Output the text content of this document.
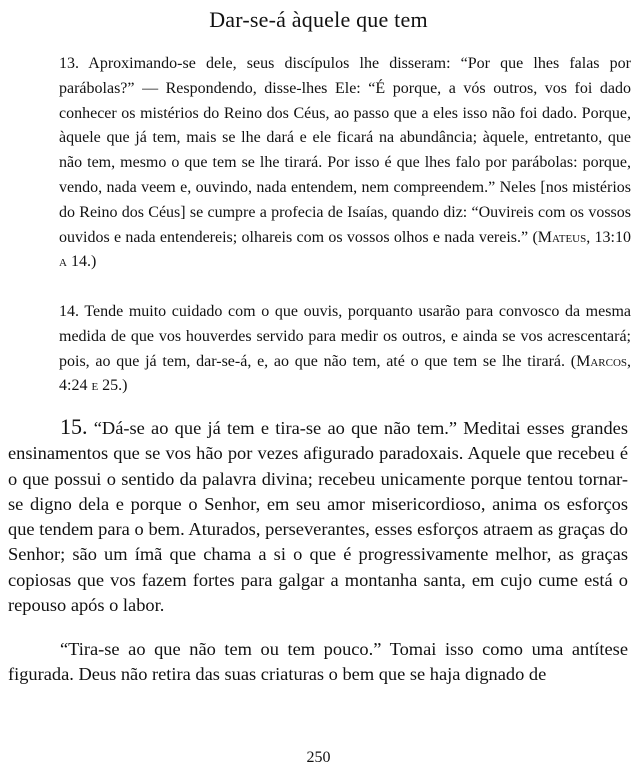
Dar-se-á àquele que tem
13. Aproximando-se dele, seus discípulos lhe disseram: “Por que lhes falas por parábolas?” — Respondendo, disse-lhes Ele: “É porque, a vós outros, vos foi dado conhecer os mistérios do Reino dos Céus, ao passo que a eles isso não foi dado. Porque, àquele que já tem, mais se lhe dará e ele ficará na abundância; àquele, entretanto, que não tem, mesmo o que tem se lhe tirará. Por isso é que lhes falo por parábolas: porque, vendo, nada veem e, ouvindo, nada entendem, nem compreendem.” Neles [nos mistérios do Reino dos Céus] se cumpre a profecia de Isaías, quando diz: “Ouvireis com os vossos ouvidos e nada entendereis; olhareis com os vossos olhos e nada vereis.” (Mateus, 13:10 a 14.)
14. Tende muito cuidado com o que ouvis, porquanto usarão para convosco da mesma medida de que vos houverdes servido para medir os outros, e ainda se vos acrescentará; pois, ao que já tem, dar-se-á, e, ao que não tem, até o que tem se lhe tirará. (Marcos, 4:24 e 25.)
15. “Dá-se ao que já tem e tira-se ao que não tem.” Meditai esses grandes ensinamentos que se vos hão por vezes afigurado paradoxais. Aquele que recebeu é o que possui o sentido da palavra divina; recebeu unicamente porque tentou tornar-se digno dela e porque o Senhor, em seu amor misericordioso, anima os esforços que tendem para o bem. Aturados, perseverantes, esses esforços atraem as graças do Senhor; são um ímã que chama a si o que é progressivamente melhor, as graças copiosas que vos fazem fortes para galgar a montanha santa, em cujo cume está o repouso após o labor.
“Tira-se ao que não tem ou tem pouco.” Tomai isso como uma antítese figurada. Deus não retira das suas criaturas o bem que se haja dignado de
250
